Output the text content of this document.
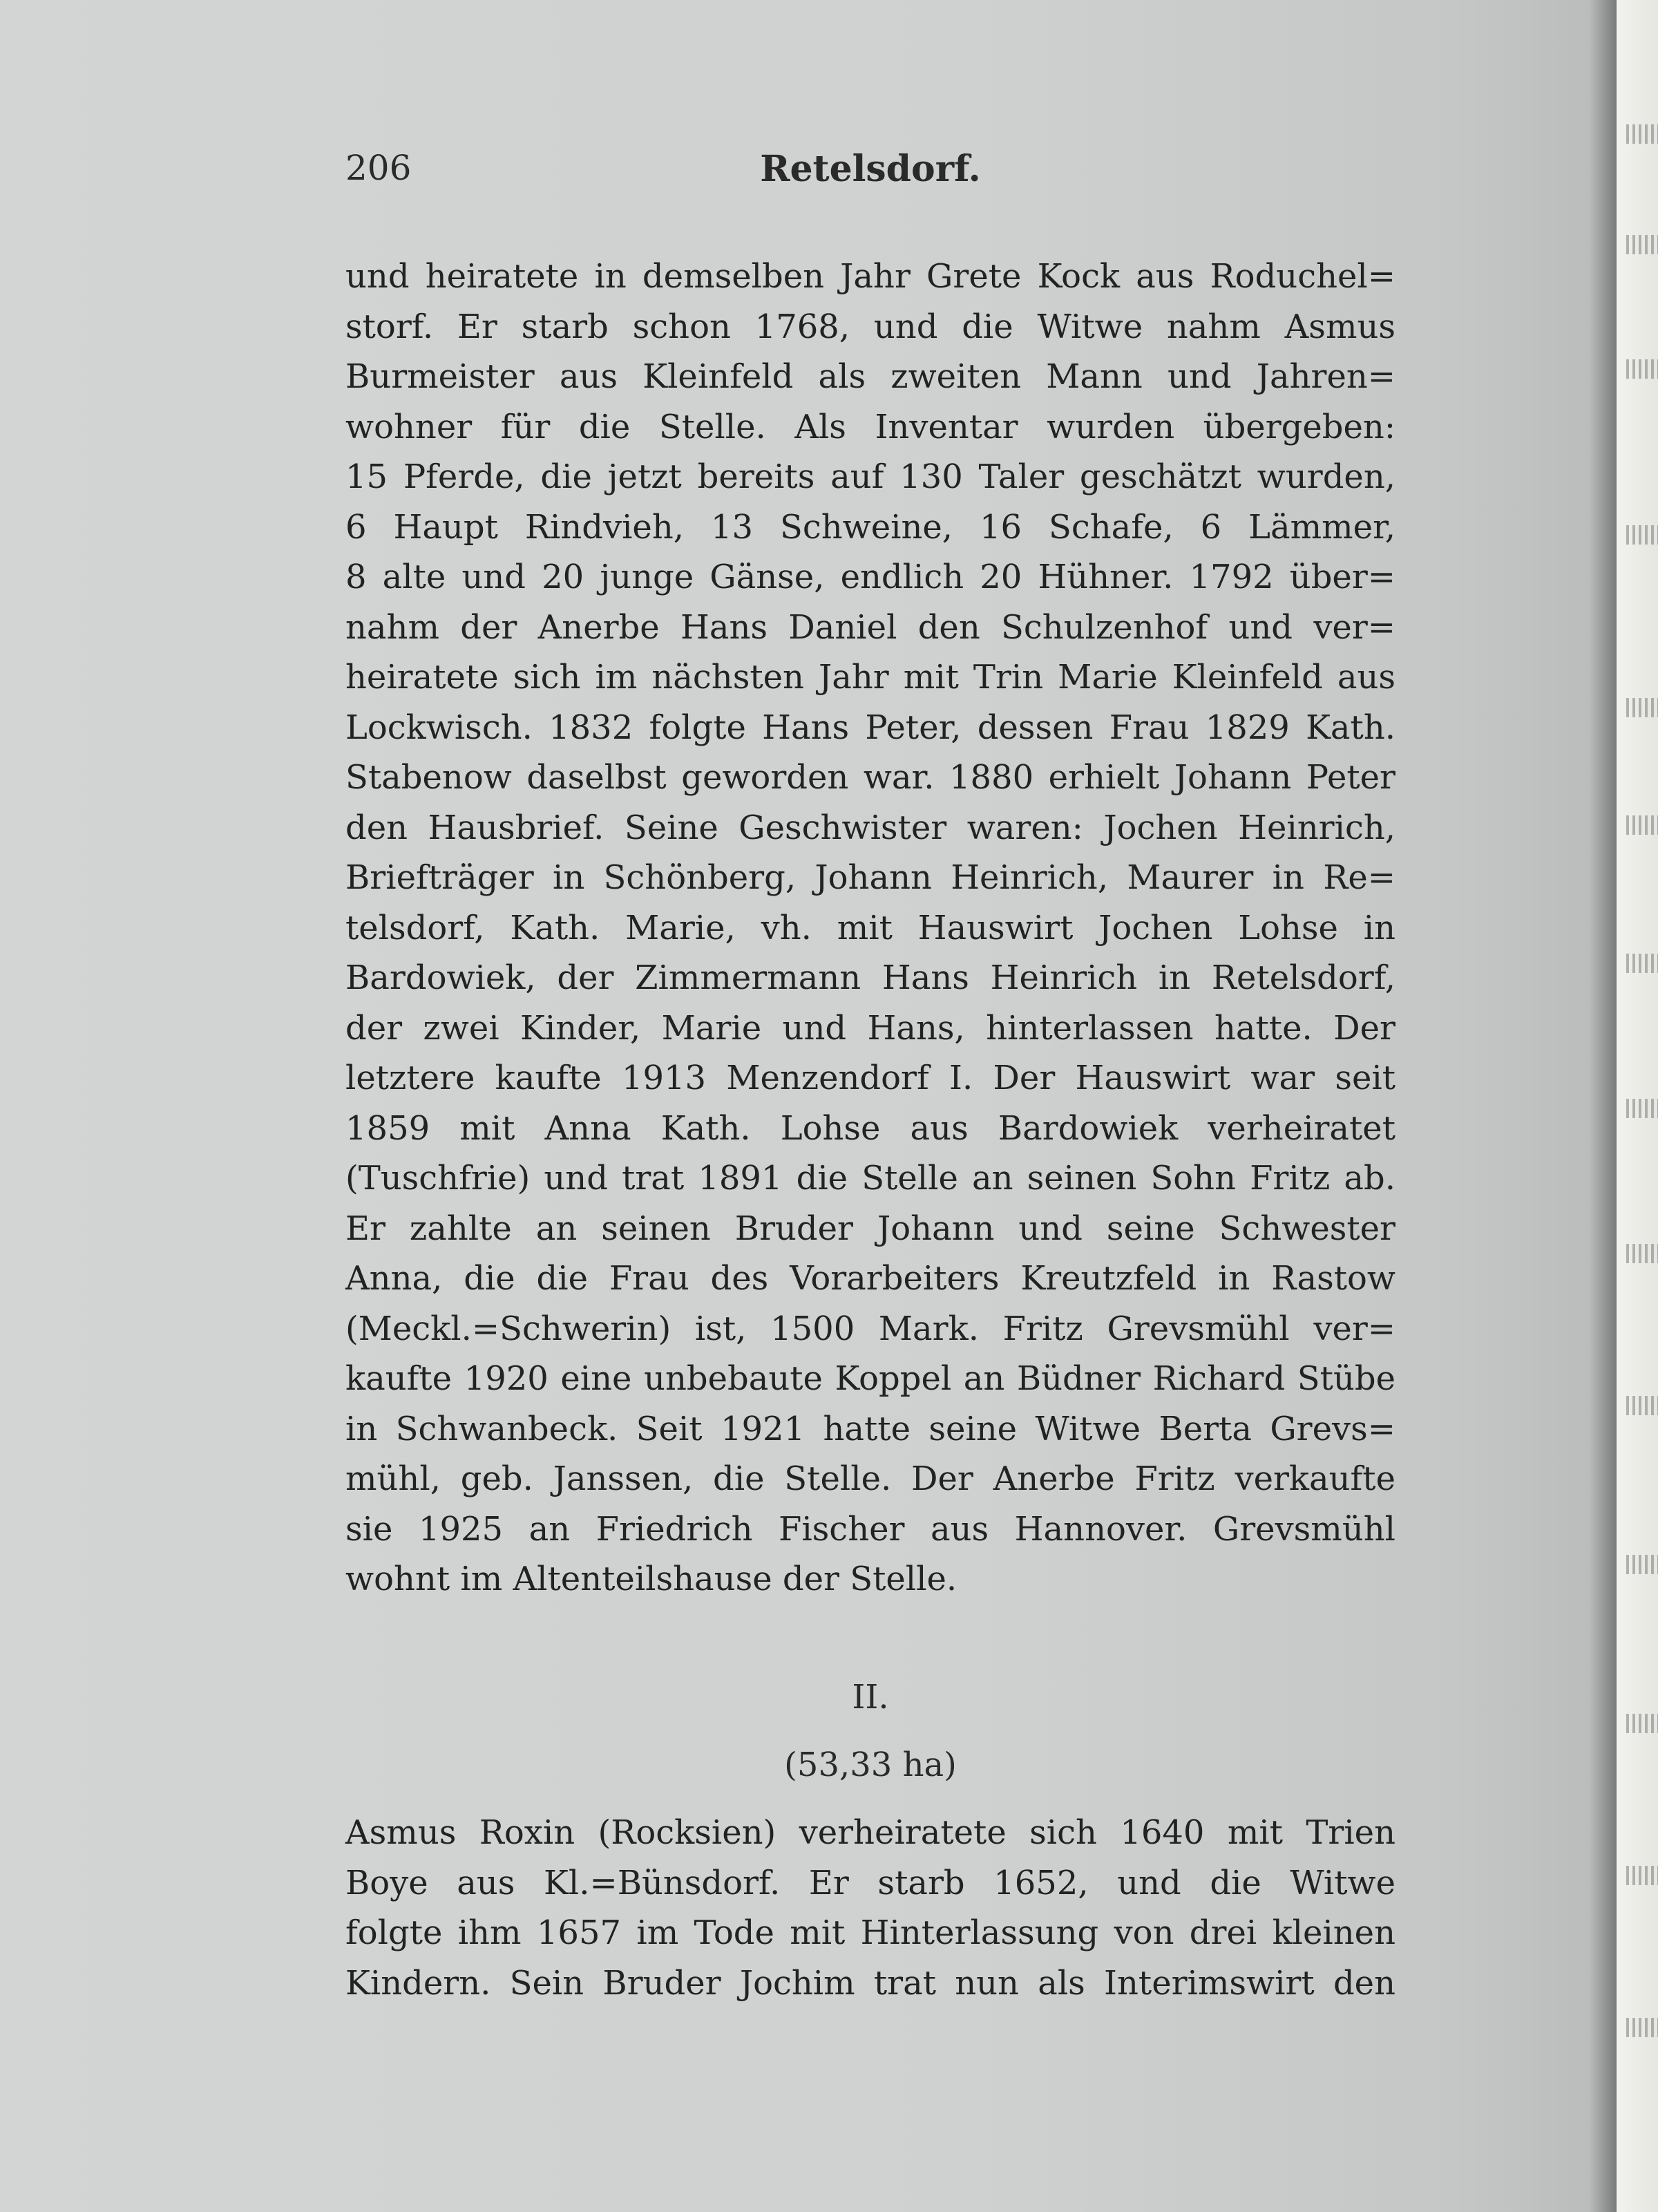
206	Retelsdorf.
und heiratete in demselben Jahr Grete Kock aus Roduchel=
storf. Er starb schon 1768, und die Witwe nahm Asmus
Burmeister aus Kleinfeld als zweiten Mann und Jahren=
wohner für die Stelle. Als Inventar wurden übergeben:
15 Pferde, die jetzt bereits auf 130 Taler geschätzt wurden,
6 Haupt Rindvieh, 13 Schweine, 16 Schafe, 6 Lämmer,
8 alte und 20 junge Gänse, endlich 20 Hühner. 1792 über=
nahm der Anerbe Hans Daniel den Schulzenhof und ver=
heiratete sich im nächsten Jahr mit Trin Marie Kleinfeld aus
Lockwisch. 1832 folgte Hans Peter, dessen Frau 1829 Kath.
Stabenow daselbst geworden war. 1880 erhielt Johann Peter
den Hausbrief. Seine Geschwister waren: Jochen Heinrich,
Briefträger in Schönberg, Johann Heinrich, Maurer in Re=
telsdorf, Kath. Marie, vh. mit Hauswirt Jochen Lohse in
Bardowiek, der Zimmermann Hans Heinrich in Retelsdorf,
der zwei Kinder, Marie und Hans, hinterlassen hatte. Der
letztere kaufte 1913 Menzendorf I. Der Hauswirt war seit
1859 mit Anna Kath. Lohse aus Bardowiek verheiratet
(Tuschfrie) und trat 1891 die Stelle an seinen Sohn Fritz ab.
Er zahlte an seinen Bruder Johann und seine Schwester
Anna, die die Frau des Vorarbeiters Kreutzfeld in Rastow
(Meckl.=Schwerin) ist, 1500 Mark. Fritz Grevsmühl ver=
kaufte 1920 eine unbebaute Koppel an Büdner Richard Stübe
in Schwanbeck. Seit 1921 hatte seine Witwe Berta Grevs=
mühl, geb. Janssen, die Stelle. Der Anerbe Fritz verkaufte
sie 1925 an Friedrich Fischer aus Hannover. Grevsmühl
wohnt im Altenteilshause der Stelle.
II.
(53,33 ha)
Asmus Roxin (Rocksien) verheiratete sich 1640 mit Trien
Boye aus Kl.=Bünsdorf. Er starb 1652, und die Witwe
folgte ihm 1657 im Tode mit Hinterlassung von drei kleinen
Kindern. Sein Bruder Jochim trat nun als Interimswirt den
